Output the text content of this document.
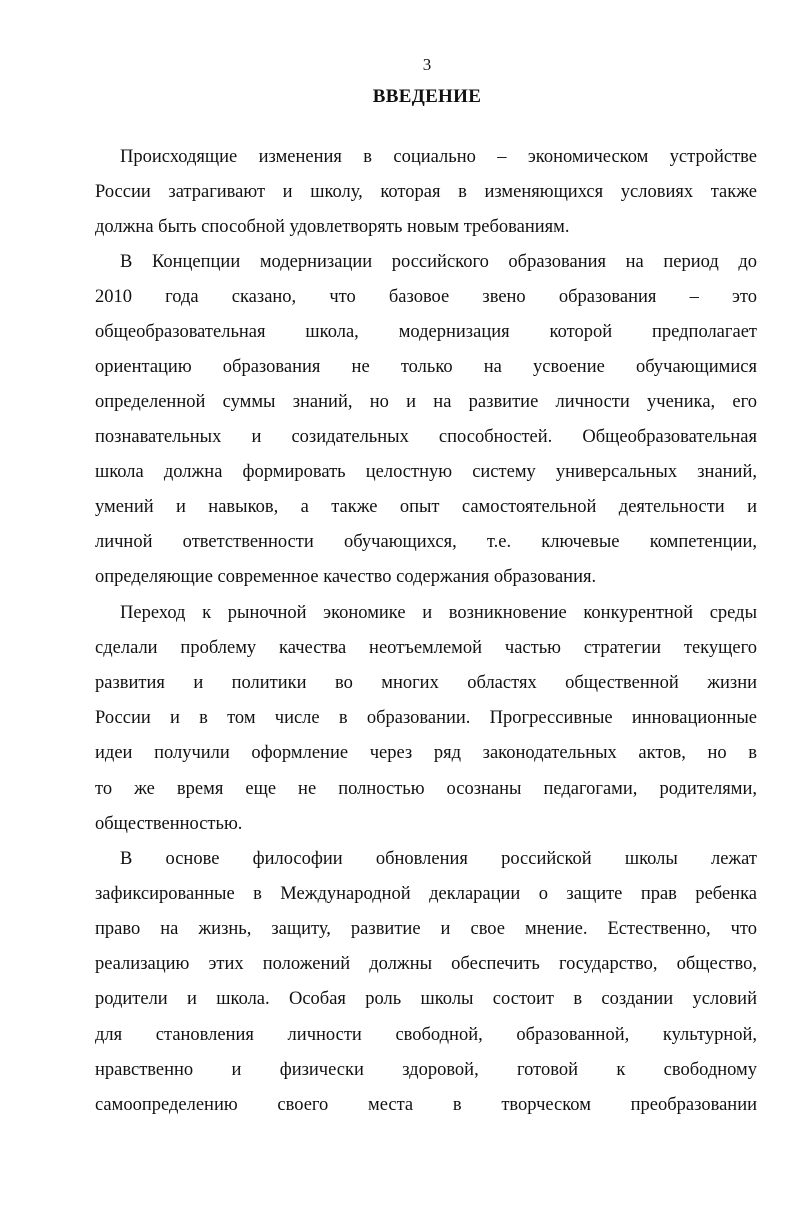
3
ВВЕДЕНИЕ
Происходящие изменения в социально – экономическом устройстве
России затрагивают и школу, которая в изменяющихся условиях также
должна быть способной удовлетворять новым требованиям.
В Концепции модернизации российского образования на период до
2010 года сказано, что базовое звено образования – это
общеобразовательная школа, модернизация которой предполагает
ориентацию образования не только на усвоение обучающимися
определенной суммы знаний, но и на развитие личности ученика, его
познавательных и созидательных способностей. Общеобразовательная
школа должна формировать целостную систему универсальных знаний,
умений и навыков, а также опыт самостоятельной деятельности и
личной ответственности обучающихся, т.е. ключевые компетенции,
определяющие современное качество содержания образования.
Переход к рыночной экономике и возникновение конкурентной среды
сделали проблему качества неотъемлемой частью стратегии текущего
развития и политики во многих областях общественной жизни
России и в том числе в образовании. Прогрессивные инновационные
идеи получили оформление через ряд законодательных актов, но в
то же время еще не полностью осознаны педагогами, родителями,
общественностью.
В основе философии обновления российской школы лежат
зафиксированные в Международной декларации о защите прав ребенка
право на жизнь, защиту, развитие и свое мнение. Естественно, что
реализацию этих положений должны обеспечить государство, общество,
родители и школа. Особая роль школы состоит в создании условий
для становления личности свободной, образованной, культурной,
нравственно и физически здоровой, готовой к свободному
самоопределению своего места в творческом преобразовании
